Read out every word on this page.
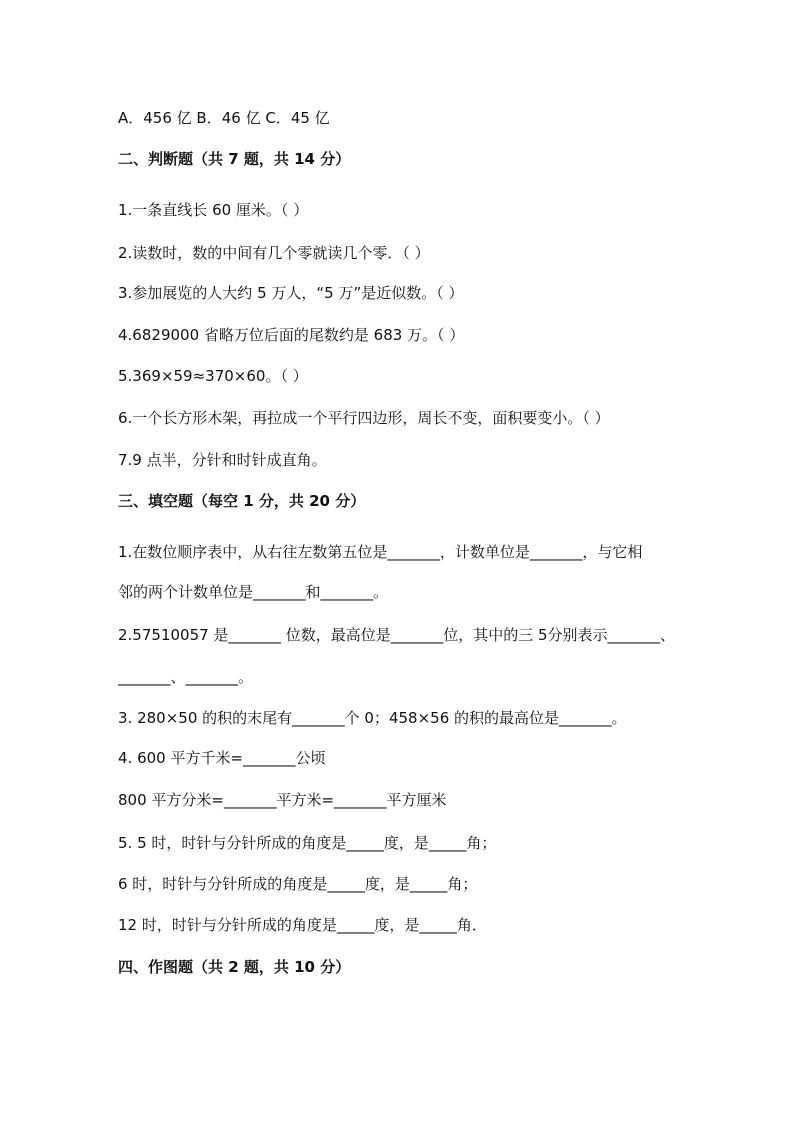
A．456 亿 B．46 亿 C．45 亿
二、判断题（共 7 题，共 14 分）
1.一条直线长 60 厘米。（ ）
2.读数时，数的中间有几个零就读几个零．（ ）
3.参加展览的人大约 5 万人，“5 万”是近似数。（ ）
4.6829000 省略万位后面的尾数约是 683 万。（ ）
5.369×59≈370×60。（ ）
6.一个长方形木架，再拉成一个平行四边形，周长不变，面积要变小。（ ）
7.9 点半，分针和时针成直角。
三、填空题（每空 1 分，共 20 分）
1.在数位顺序表中，从右往左数第五位是_______，计数单位是_______，与它相
邻的两个计数单位是_______和_______。
2.57510057 是_______ 位数，最高位是_______位，其中的三 5分别表示_______、
_______、_______。
3. 280×50 的积的末尾有_______个 0；458×56 的积的最高位是_______。
4. 600 平方千米=_______公顷
800 平方分米=_______平方米=_______平方厘米
5. 5 时，时针与分针所成的角度是_____度，是_____角；
6 时，时针与分针所成的角度是_____度，是_____角；
12 时，时针与分针所成的角度是_____度，是_____角．
四、作图题（共 2 题，共 10 分）
